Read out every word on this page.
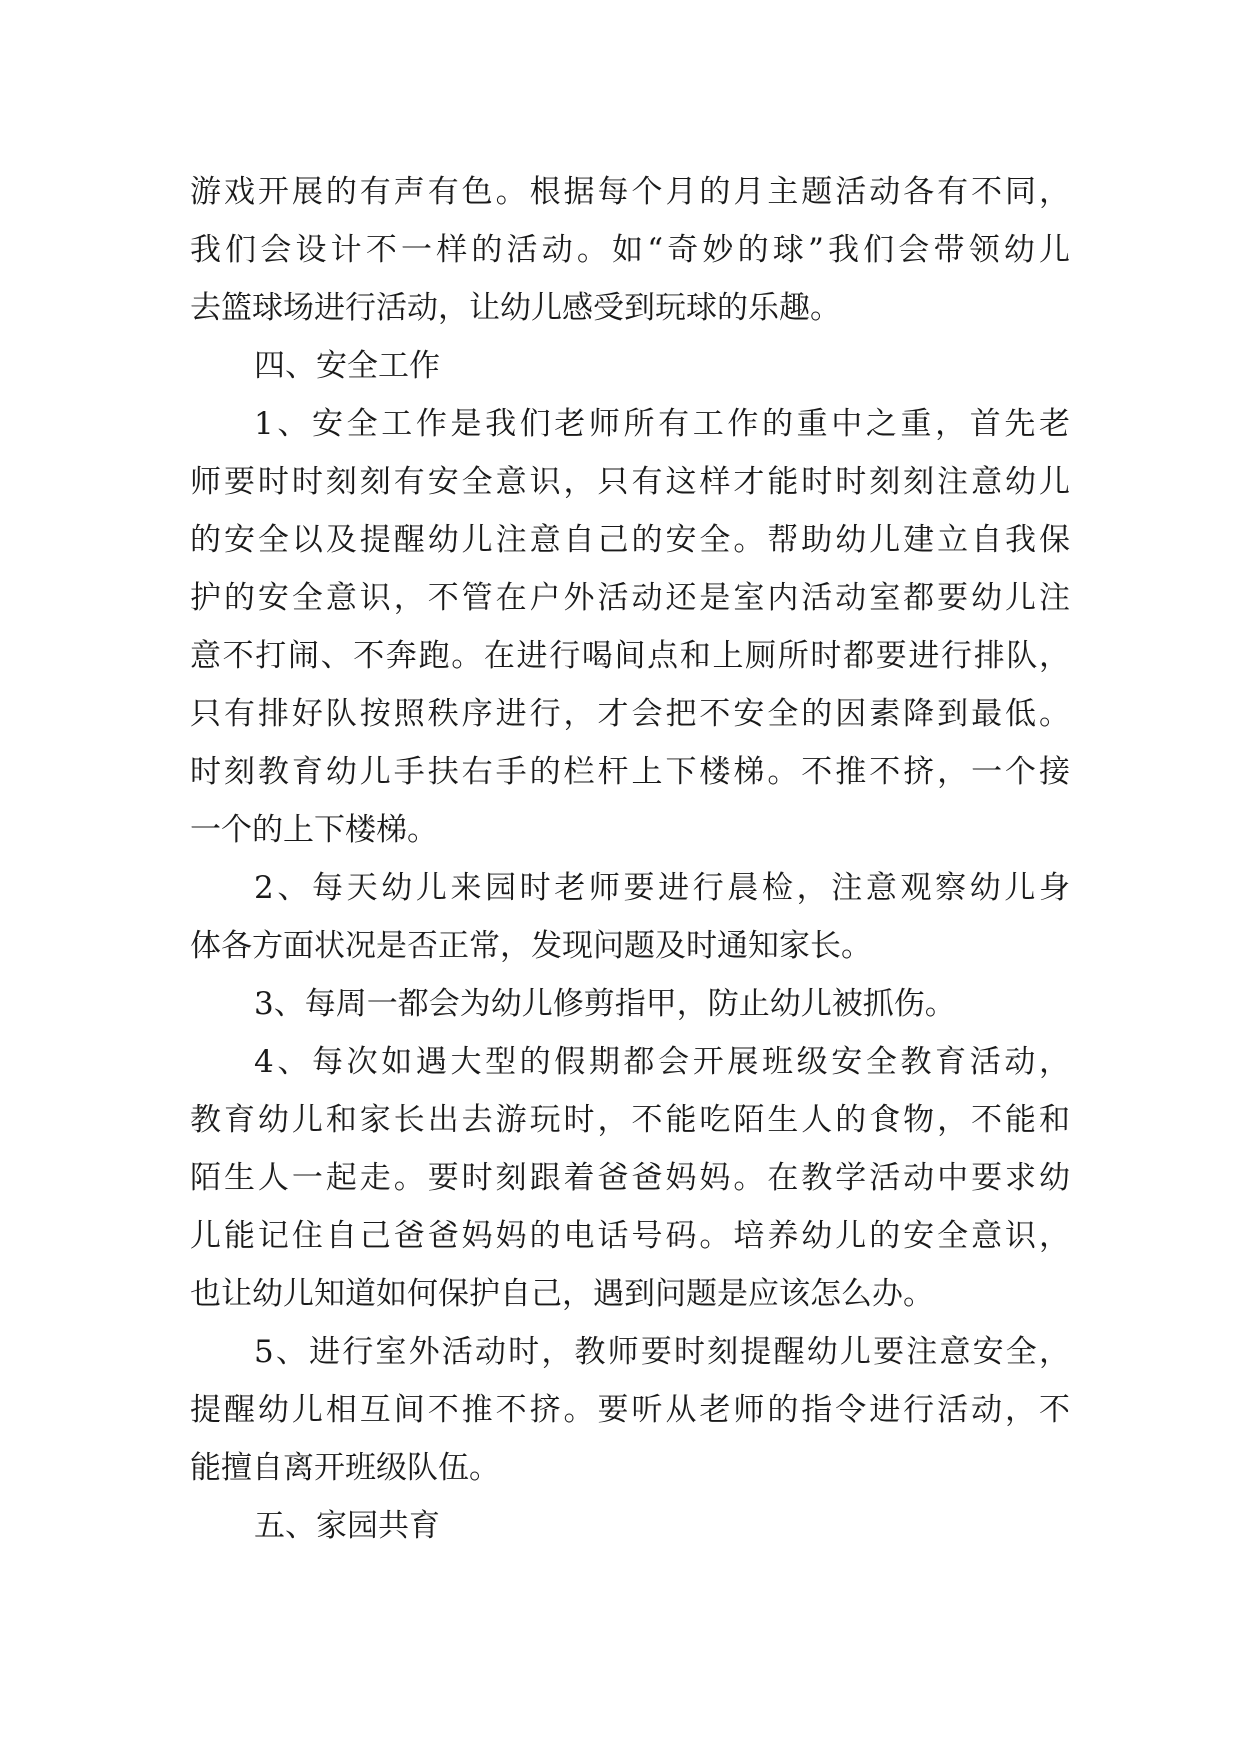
游戏开展的有声有色。根据每个月的月主题活动各有不同，
我们会设计不一样的活动。如“奇妙的球”我们会带领幼儿
去篮球场进行活动，让幼儿感受到玩球的乐趣。
四、安全工作
1、安全工作是我们老师所有工作的重中之重，首先老
师要时时刻刻有安全意识，只有这样才能时时刻刻注意幼儿
的安全以及提醒幼儿注意自己的安全。帮助幼儿建立自我保
护的安全意识，不管在户外活动还是室内活动室都要幼儿注
意不打闹、不奔跑。在进行喝间点和上厕所时都要进行排队，
只有排好队按照秩序进行，才会把不安全的因素降到最低。
时刻教育幼儿手扶右手的栏杆上下楼梯。不推不挤，一个接
一个的上下楼梯。
2、每天幼儿来园时老师要进行晨检，注意观察幼儿身
体各方面状况是否正常，发现问题及时通知家长。
3、每周一都会为幼儿修剪指甲，防止幼儿被抓伤。
4、每次如遇大型的假期都会开展班级安全教育活动，
教育幼儿和家长出去游玩时，不能吃陌生人的食物，不能和
陌生人一起走。要时刻跟着爸爸妈妈。在教学活动中要求幼
儿能记住自己爸爸妈妈的电话号码。培养幼儿的安全意识，
也让幼儿知道如何保护自己，遇到问题是应该怎么办。
5、进行室外活动时，教师要时刻提醒幼儿要注意安全，
提醒幼儿相互间不推不挤。要听从老师的指令进行活动，不
能擅自离开班级队伍。
五、家园共育
